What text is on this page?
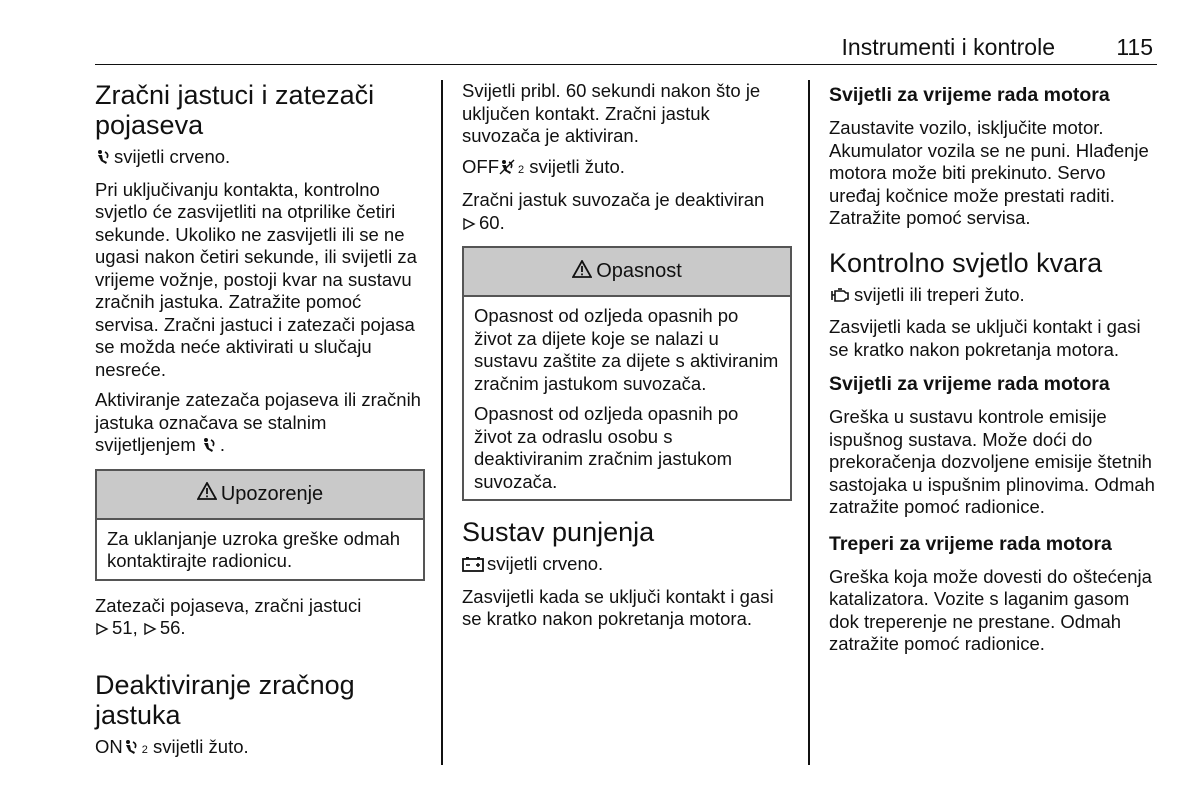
Instrumenti i kontrole	115
Zračni jastuci i zatezači pojaseva

svijetli crveno.

Pri uključivanju kontakta, kontrolno svjetlo će zasvijetliti na otprilike četiri sekunde. Ukoliko ne zasvijetli ili se ne ugasi nakon četiri sekunde, ili svijetli za vrijeme vožnje, postoji kvar na sustavu zračnih jastuka. Zatražite pomoć servisa. Zračni jastuci i zatezači pojasa se možda neće aktivirati u slučaju nesreće.

Aktiviranje zatezača pojaseva ili zračnih jastuka označava se stalnim svijetljenjem .

Upozorenje

Za uklanjanje uzroka greške odmah kontaktirajte radionicu.

Zatezači pojaseva, zračni jastuci
51, 56.

Deaktiviranje zračnog jastuka

ON 2 svijetli žuto.

Svijetli pribl. 60 sekundi nakon što je uključen kontakt. Zračni jastuk suvozača je aktiviran.

OFF 2 svijetli žuto.

Zračni jastuk suvozača je deaktiviran
60.

Opasnost

Opasnost od ozljeda opasnih po život za dijete koje se nalazi u sustavu zaštite za dijete s aktiviranim zračnim jastukom suvozača.

Opasnost od ozljeda opasnih po život za odraslu osobu s deaktiviranim zračnim jastukom suvozača.

Sustav punjenja

svijetli crveno.

Zasvijetli kada se uključi kontakt i gasi se kratko nakon pokretanja motora.

Svijetli za vrijeme rada motora

Zaustavite vozilo, isključite motor. Akumulator vozila se ne puni. Hlađenje motora može biti prekinuto. Servo uređaj kočnice može prestati raditi. Zatražite pomoć servisa.

Kontrolno svjetlo kvara

svijetli ili treperi žuto.

Zasvijetli kada se uključi kontakt i gasi se kratko nakon pokretanja motora.

Svijetli za vrijeme rada motora

Greška u sustavu kontrole emisije ispušnog sustava. Može doći do prekoračenja dozvoljene emisije štetnih sastojaka u ispušnim plinovima. Odmah zatražite pomoć radionice.

Treperi za vrijeme rada motora

Greška koja može dovesti do oštećenja katalizatora. Vozite s laganim gasom dok treperenje ne prestane. Odmah zatražite pomoć radionice.
